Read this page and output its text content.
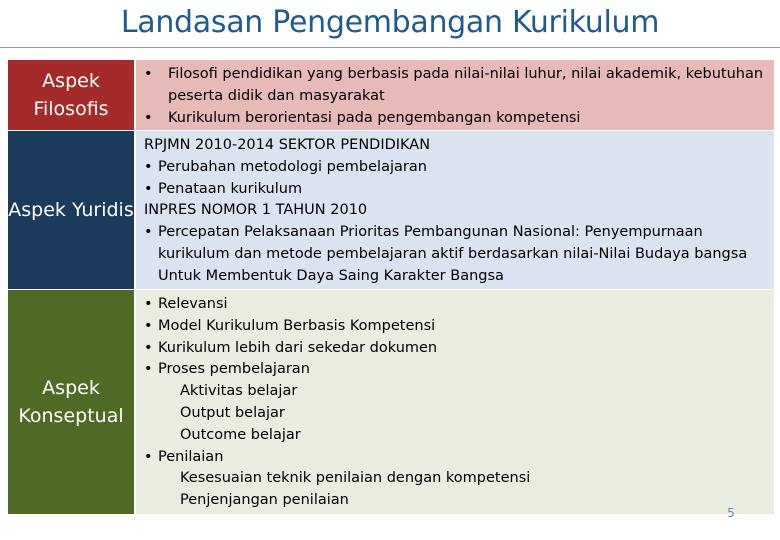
Landasan Pengembangan Kurikulum
Aspek Filosofis
• Filosofi pendidikan yang berbasis pada nilai-nilai luhur, nilai akademik, kebutuhan peserta didik dan masyarakat
• Kurikulum berorientasi pada pengembangan kompetensi
Aspek Yuridis
RPJMN 2010-2014 SEKTOR PENDIDIKAN
• Perubahan metodologi pembelajaran
• Penataan kurikulum
INPRES NOMOR 1 TAHUN 2010
• Percepatan Pelaksanaan Prioritas Pembangunan Nasional: Penyempurnaan kurikulum dan metode pembelajaran aktif berdasarkan nilai-Nilai Budaya bangsa Untuk Membentuk Daya Saing Karakter Bangsa
Aspek Konseptual
• Relevansi
• Model Kurikulum Berbasis Kompetensi
• Kurikulum lebih dari sekedar dokumen
• Proses pembelajaran
Aktivitas belajar
Output belajar
Outcome belajar
• Penilaian
Kesesuaian teknik penilaian dengan kompetensi
Penjenjangan penilaian
5
